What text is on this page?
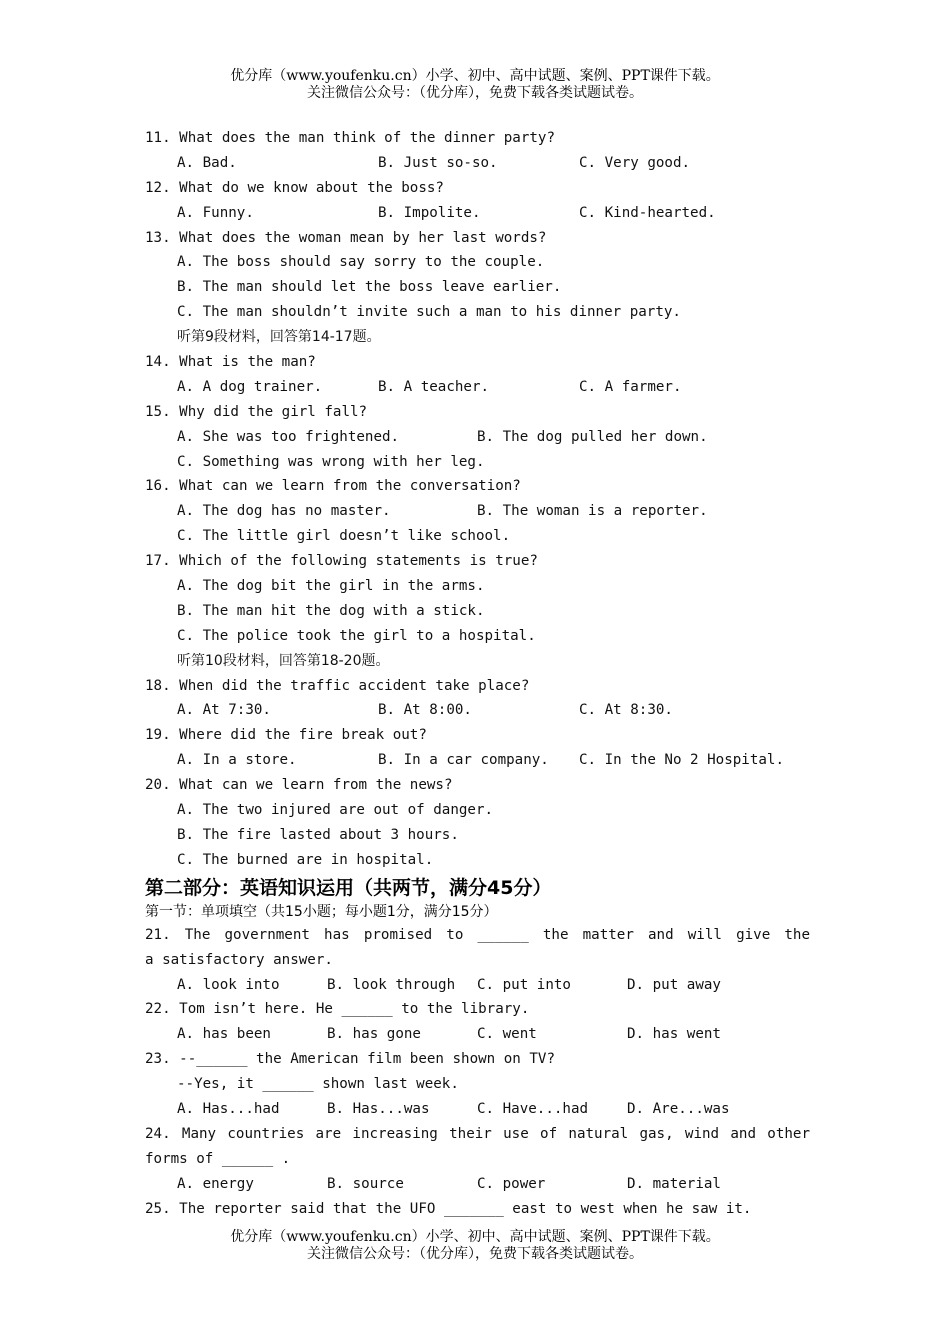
优分库（www.youfenku.cn）小学、初中、高中试题、案例、PPT课件下载。
关注微信公众号：（优分库），免费下载各类试题试卷。
11. What does the man think of the dinner party?
A. Bad.	B. Just so-so.	C. Very good.
12. What do we know about the boss?
A. Funny.	B. Impolite.	C. Kind-hearted.
13. What does the woman mean by her last words?
A. The boss should say sorry to the couple.
B. The man should let the boss leave earlier.
C. The man shouldn’t invite such a man to his dinner party.
听第9段材料，回答第14-17题。
14. What is the man?
A. A dog trainer.	B. A teacher.	C. A farmer.
15. Why did the girl fall?
A. She was too frightened.	B. The dog pulled her down.
C. Something was wrong with her leg.
16. What can we learn from the conversation?
A. The dog has no master.	B. The woman is a reporter.
C. The little girl doesn’t like school.
17. Which of the following statements is true?
A. The dog bit the girl in the arms.
B. The man hit the dog with a stick.
C. The police took the girl to a hospital.
听第10段材料，回答第18-20题。
18. When did the traffic accident take place?
A. At 7:30.	B. At 8:00.	C. At 8:30.
19. Where did the fire break out?
A. In a store.	B. In a car company.	C. In the No 2 Hospital.
20. What can we learn from the news?
A. The two injured are out of danger.
B. The fire lasted about 3 hours.
C. The burned are in hospital.
第二部分：英语知识运用（共两节，满分45分）
第一节：单项填空（共15小题；每小题1分，满分15分）
21. The government has promised to ______ the matter and will give the
a satisfactory answer.
A. look into	B. look through	C. put into	D. put away
22. Tom isn’t here. He ______ to the library.
A. has been	B. has gone	C. went	D. has went
23. --______ the American film been shown on TV?
--Yes, it ______ shown last week.
A. Has...had	B. Has...was	C. Have...had	D. Are...was
24. Many countries are increasing their use of natural gas, wind and other
forms of ______ .
A. energy	B. source	C. power	D. material
25. The reporter said that the UFO _______ east to west when he saw it.
优分库（www.youfenku.cn）小学、初中、高中试题、案例、PPT课件下载。
关注微信公众号：（优分库），免费下载各类试题试卷。
